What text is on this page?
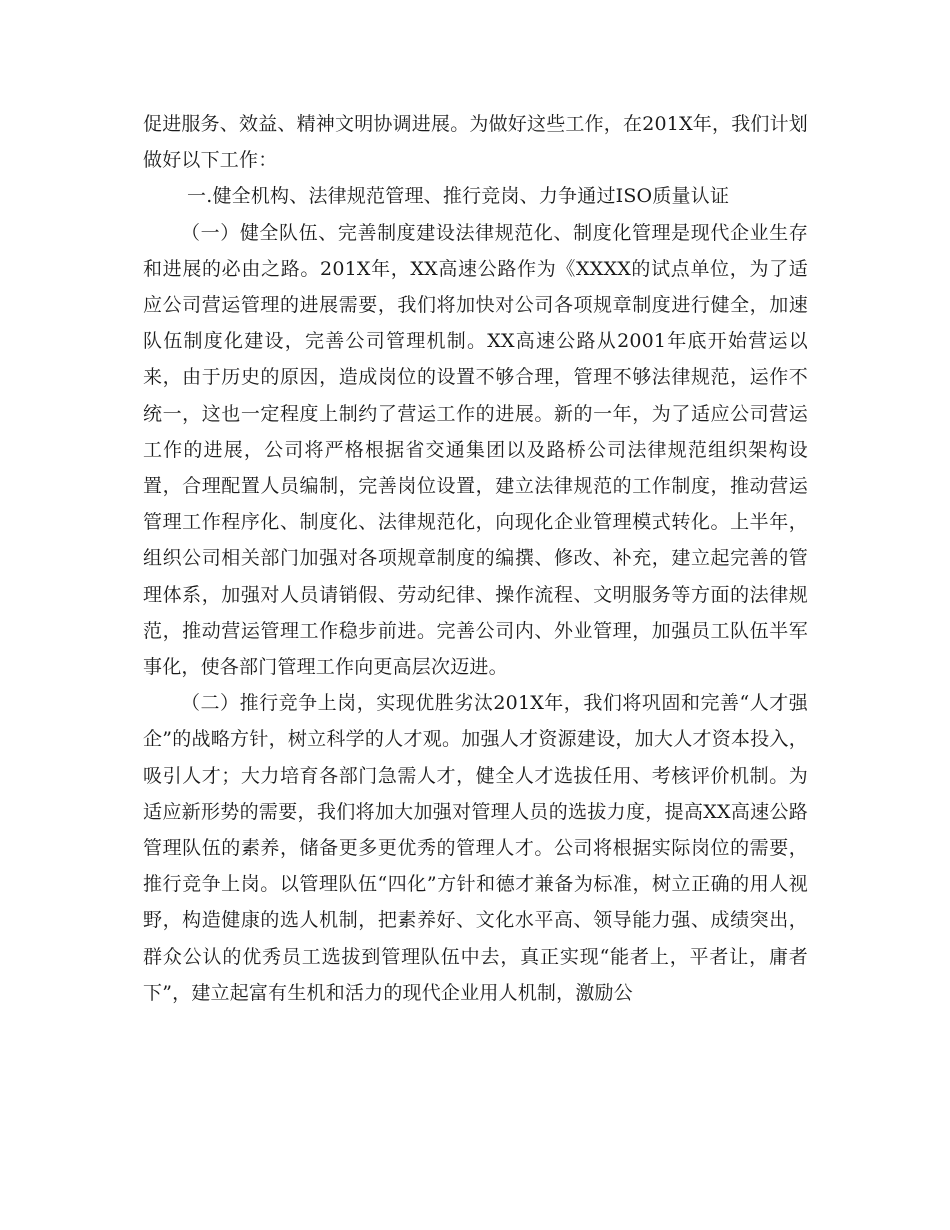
促进服务、效益、精神文明协调进展。为做好这些工作，在201X年，我们计划做好以下工作：

一.健全机构、法律规范管理、推行竞岗、力争通过ISO质量认证

（一）健全队伍、完善制度建设法律规范化、制度化管理是现代企业生存和进展的必由之路。201X年，XX高速公路作为《XXXX的试点单位，为了适应公司营运管理的进展需要，我们将加快对公司各项规章制度进行健全，加速队伍制度化建设，完善公司管理机制。XX高速公路从2001年底开始营运以来，由于历史的原因，造成岗位的设置不够合理，管理不够法律规范，运作不统一，这也一定程度上制约了营运工作的进展。新的一年，为了适应公司营运工作的进展，公司将严格根据省交通集团以及路桥公司法律规范组织架构设置，合理配置人员编制，完善岗位设置，建立法律规范的工作制度，推动营运管理工作程序化、制度化、法律规范化，向现化企业管理模式转化。上半年，组织公司相关部门加强对各项规章制度的编撰、修改、补充，建立起完善的管理体系，加强对人员请销假、劳动纪律、操作流程、文明服务等方面的法律规范，推动营运管理工作稳步前进。完善公司内、外业管理，加强员工队伍半军事化，使各部门管理工作向更高层次迈进。

（二）推行竞争上岗，实现优胜劣汰201X年，我们将巩固和完善“人才强企”的战略方针，树立科学的人才观。加强人才资源建设，加大人才资本投入，吸引人才；大力培育各部门急需人才，健全人才选拔任用、考核评价机制。为适应新形势的需要，我们将加大加强对管理人员的选拔力度，提高XX高速公路管理队伍的素养，储备更多更优秀的管理人才。公司将根据实际岗位的需要，推行竞争上岗。以管理队伍“四化”方针和德才兼备为标准，树立正确的用人视野，构造健康的选人机制，把素养好、文化水平高、领导能力强、成绩突出，群众公认的优秀员工选拔到管理队伍中去，真正实现“能者上，平者让，庸者下”，建立起富有生机和活力的现代企业用人机制，激励公
